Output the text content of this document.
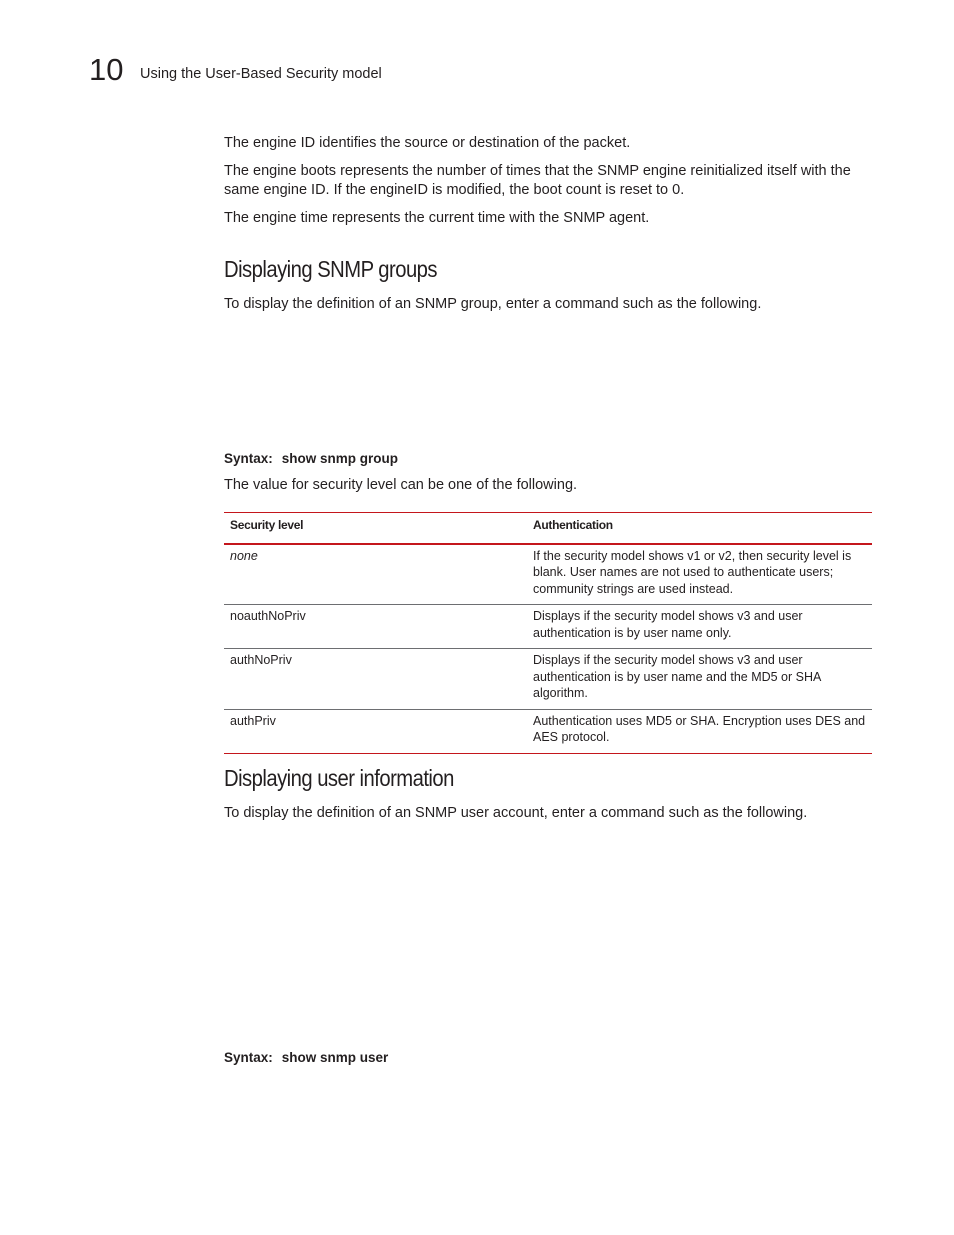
10 Using the User-Based Security model

The engine ID identifies the source or destination of the packet.

The engine boots represents the number of times that the SNMP engine reinitialized itself with the same engine ID. If the engineID is modified, the boot count is reset to 0.

The engine time represents the current time with the SNMP agent.

Displaying SNMP groups

To display the definition of an SNMP group, enter a command such as the following.

Syntax: show snmp group

The value for security level can be one of the following.

Security level	Authentication
none	If the security model shows v1 or v2, then security level is blank. User names are not used to authenticate users; community strings are used instead.
noauthNoPriv	Displays if the security model shows v3 and user authentication is by user name only.
authNoPriv	Displays if the security model shows v3 and user authentication is by user name and the MD5 or SHA algorithm.
authPriv	Authentication uses MD5 or SHA. Encryption uses DES and AES protocol.
Displaying user information

To display the definition of an SNMP user account, enter a command such as the following.

Syntax: show snmp user
